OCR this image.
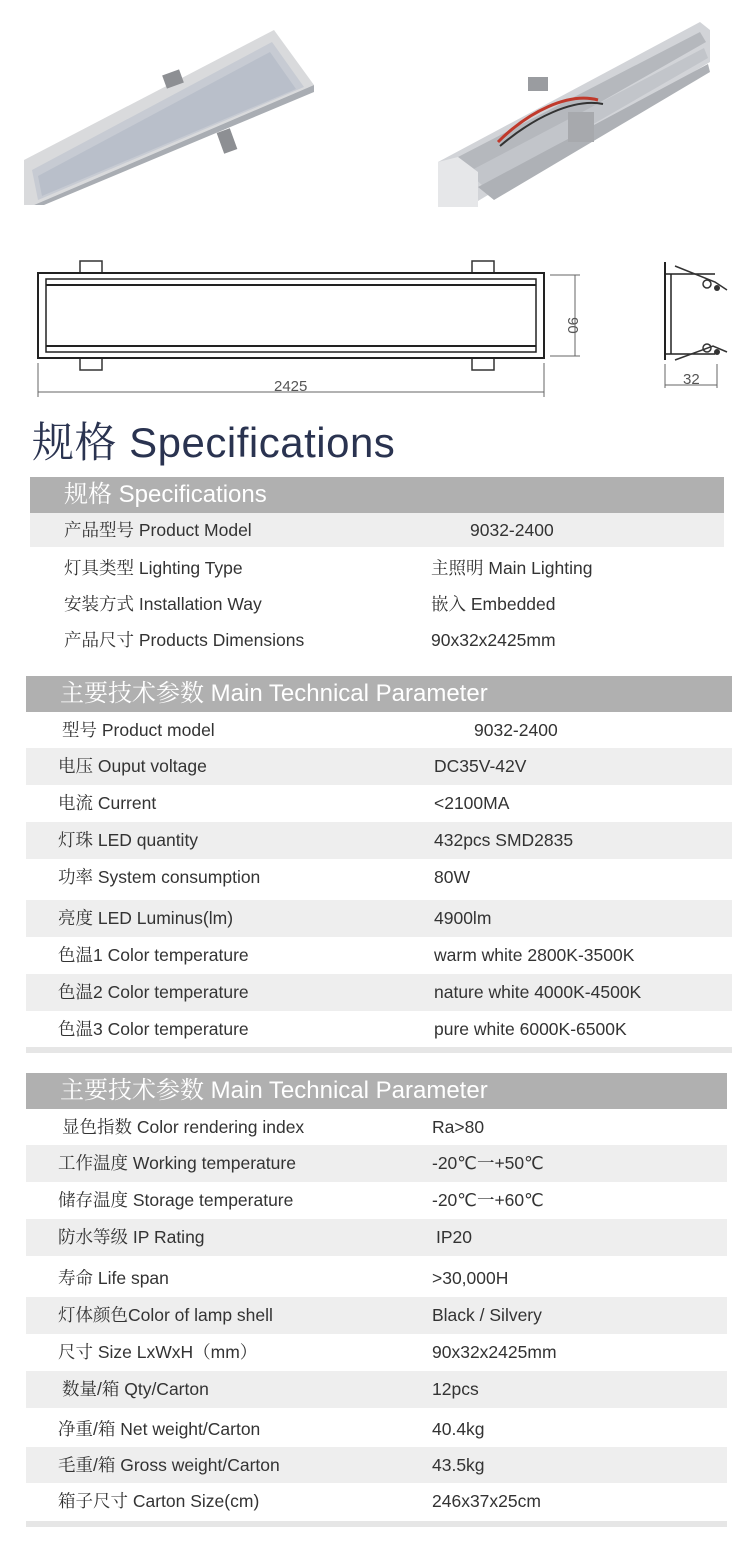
2425
90
32
规格 Specifications
规格 Specifications
产品型号 Product Model	9032-2400
灯具类型 Lighting Type	主照明 Main Lighting
安装方式 Installation Way	嵌入 Embedded
产品尺寸 Products Dimensions	90x32x2425mm
主要技术参数 Main Technical Parameter
型号 Product model	9032-2400
电压 Ouput voltage	DC35V-42V
电流 Current	<2100MA
灯珠 LED quantity	432pcs SMD2835
功率 System consumption	80W
亮度 LED Luminus(lm)	4900lm
色温1 Color temperature	warm white 2800K-3500K
色温2 Color temperature	nature white 4000K-4500K
色温3 Color temperature	pure white 6000K-6500K
主要技术参数 Main Technical Parameter
显色指数 Color rendering index	Ra>80
工作温度 Working temperature	-20℃一+50℃
储存温度 Storage temperature	-20℃一+60℃
防水等级 IP Rating	IP20
寿命 Life span	>30,000H
灯体颜色Color of lamp shell	Black / Silvery
尺寸 Size LxWxH（mm）	90x32x2425mm
数量/箱 Qty/Carton	12pcs
净重/箱 Net weight/Carton	40.4kg
毛重/箱 Gross weight/Carton	43.5kg
箱子尺寸 Carton Size(cm)	246x37x25cm
